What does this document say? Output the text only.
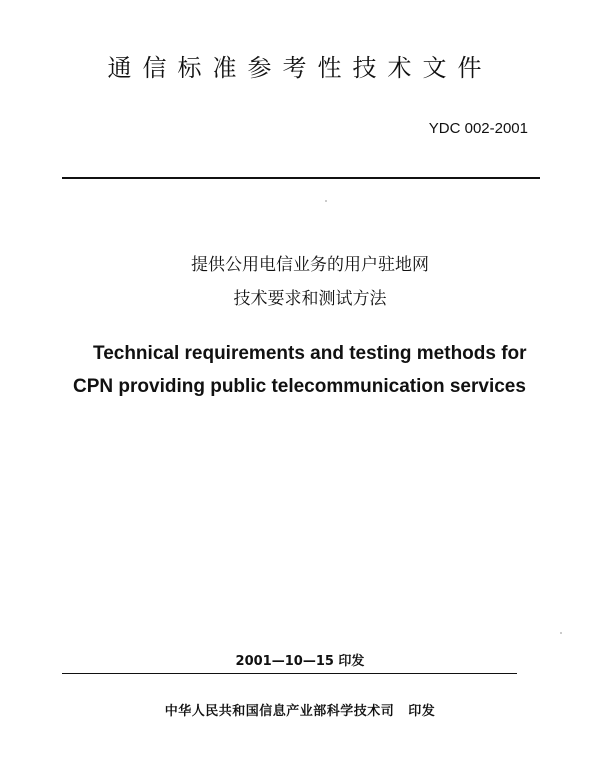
通信标准参考性技术文件
YDC 002-2001
提供公用电信业务的用户驻地网
技术要求和测试方法
Technical requirements and testing methods for
CPN providing public telecommunication services
2001—10—15 印发
中华人民共和国信息产业部科学技术司 印发
